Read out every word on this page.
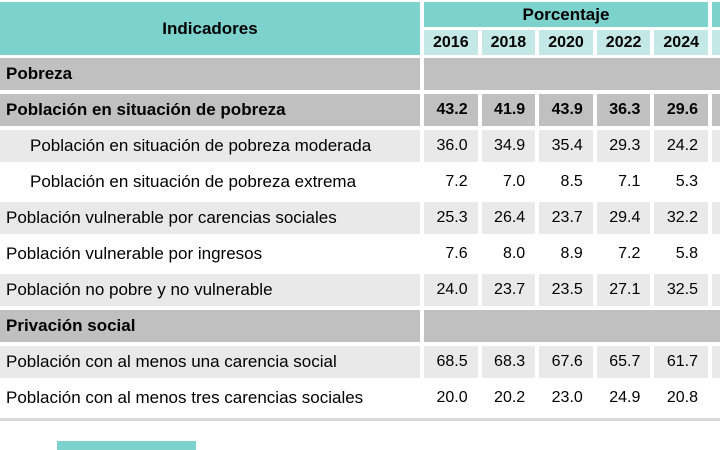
Indicadores
Porcentaje
2016	2018	2020	2022	2024
Pobreza
Población en situación de pobreza	43.2	41.9	43.9	36.3	29.6
Población en situación de pobreza moderada	36.0	34.9	35.4	29.3	24.2
Población en situación de pobreza extrema	7.2	7.0	8.5	7.1	5.3
Población vulnerable por carencias sociales	25.3	26.4	23.7	29.4	32.2
Población vulnerable por ingresos	7.6	8.0	8.9	7.2	5.8
Población no pobre y no vulnerable	24.0	23.7	23.5	27.1	32.5
Privación social
Población con al menos una carencia social	68.5	68.3	67.6	65.7	61.7
Población con al menos tres carencias sociales	20.0	20.2	23.0	24.9	20.8
